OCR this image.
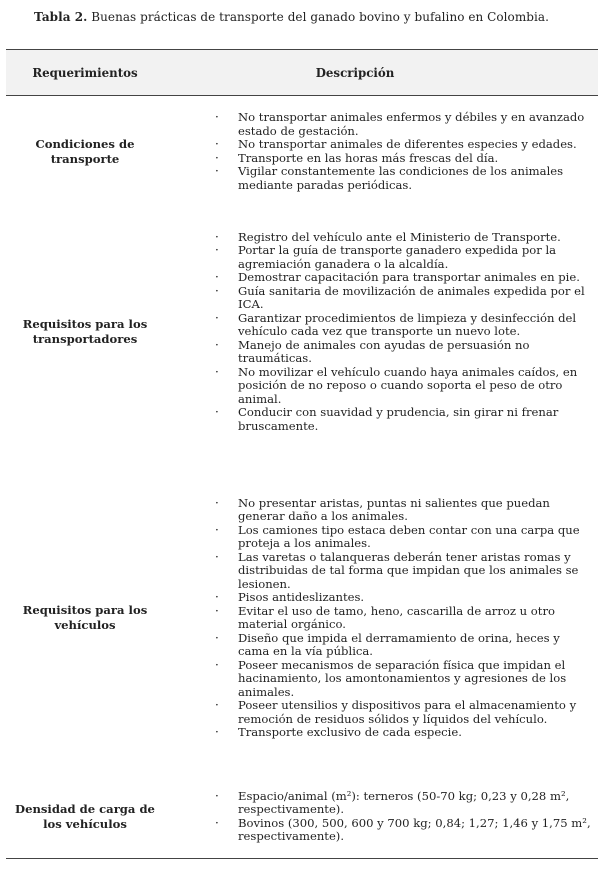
Tabla 2. Buenas prácticas de transporte del ganado bovino y bufalino en Colombia.
Requerimientos	Descripción
Condiciones de transporte
· No transportar animales enfermos y débiles y en avanzado estado de gestación.
· No transportar animales de diferentes especies y edades.
· Transporte en las horas más frescas del día.
· Vigilar constantemente las condiciones de los animales mediante paradas periódicas.
Requisitos para los transportadores
· Registro del vehículo ante el Ministerio de Transporte.
· Portar la guía de transporte ganadero expedida por la agremiación ganadera o la alcaldía.
· Demostrar capacitación para transportar animales en pie.
· Guía sanitaria de movilización de animales expedida por el ICA.
· Garantizar procedimientos de limpieza y desinfección del vehículo cada vez que transporte un nuevo lote.
· Manejo de animales con ayudas de persuasión no traumáticas.
· No movilizar el vehículo cuando haya animales caídos, en posición de no reposo o cuando soporta el peso de otro animal.
· Conducir con suavidad y prudencia, sin girar ni frenar bruscamente.
Requisitos para los vehículos
· No presentar aristas, puntas ni salientes que puedan generar daño a los animales.
· Los camiones tipo estaca deben contar con una carpa que proteja a los animales.
· Las varetas o talanqueras deberán tener aristas romas y distribuidas de tal forma que impidan que los animales se lesionen.
· Pisos antideslizantes.
· Evitar el uso de tamo, heno, cascarilla de arroz u otro material orgánico.
· Diseño que impida el derramamiento de orina, heces y cama en la vía pública.
· Poseer mecanismos de separación física que impidan el hacinamiento, los amontonamientos y agresiones de los animales.
· Poseer utensilios y dispositivos para el almacenamiento y remoción de residuos sólidos y líquidos del vehículo.
· Transporte exclusivo de cada especie.
Densidad de carga de los vehículos
· Espacio/animal (m²): terneros (50-70 kg; 0,23 y 0,28 m², respectivamente).
· Bovinos (300, 500, 600 y 700 kg; 0,84; 1,27; 1,46 y 1,75 m², respectivamente).
